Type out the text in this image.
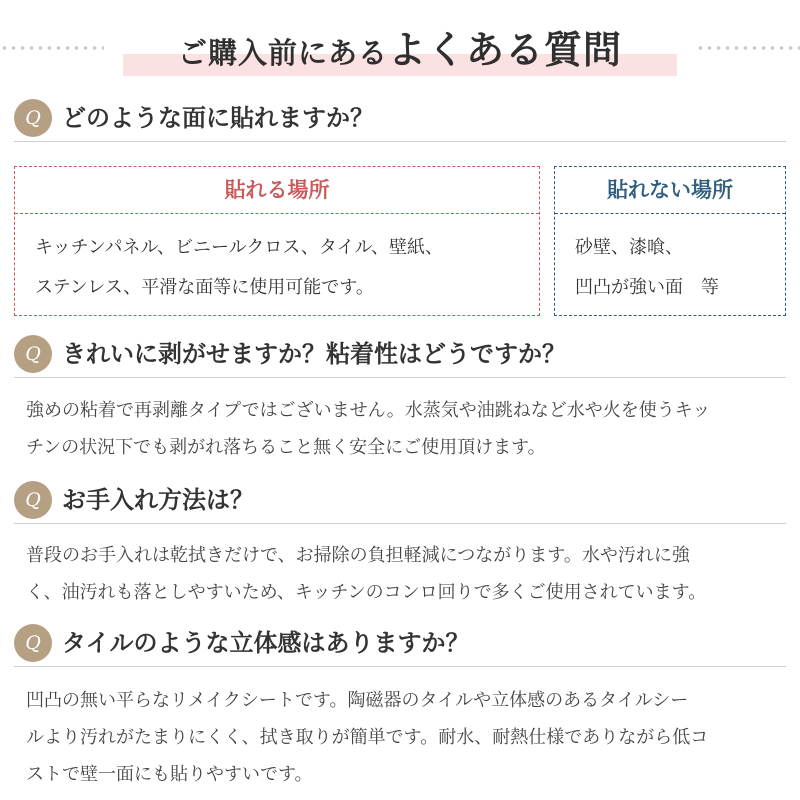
ご購入前にあるよくある質問
Q どのような面に貼れますか？
貼れる場所
キッチンパネル、ビニールクロス、タイル、壁紙、
ステンレス、平滑な面等に使用可能です。
貼れない場所
砂壁、漆喰、
凹凸が強い面　等
Q きれいに剥がせますか？粘着性はどうですか？

強めの粘着で再剥離タイプではございません。水蒸気や油跳ねなど水や火を使うキッ

チンの状況下でも剥がれ落ちること無く安全にご使用頂けます。

Q お手入れ方法は？

普段のお手入れは乾拭きだけで、お掃除の負担軽減につながります。水や汚れに強

く、油汚れも落としやすいため、キッチンのコンロ回りで多くご使用されています。

Q タイルのような立体感はありますか？

凹凸の無い平らなリメイクシートです。陶磁器のタイルや立体感のあるタイルシー

ルより汚れがたまりにくく、拭き取りが簡単です。耐水、耐熱仕様でありながら低コ

ストで壁一面にも貼りやすいです。
